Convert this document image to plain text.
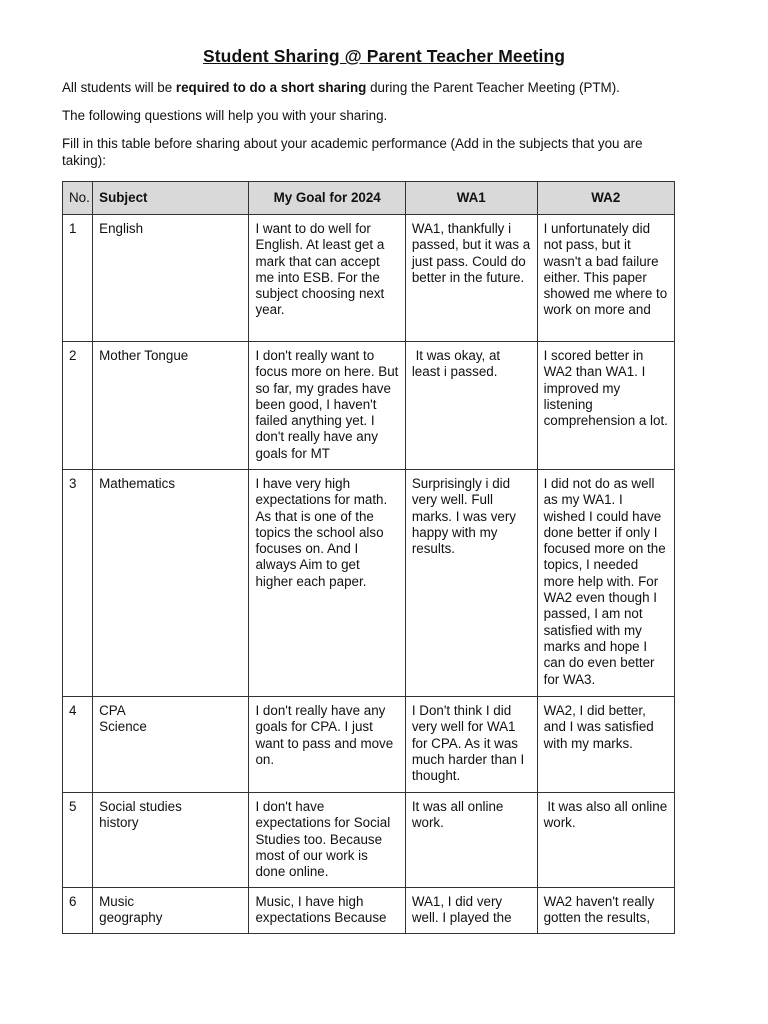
Student Sharing @ Parent Teacher Meeting

All students will be required to do a short sharing during the Parent Teacher Meeting (PTM).

The following questions will help you with your sharing.

Fill in this table before sharing about your academic performance (Add in the subjects that you are taking):

No.	Subject	My Goal for 2024	WA1	WA2
1	English	I want to do well for English. At least get a mark that can accept me into ESB. For the subject choosing next year.	WA1, thankfully i passed, but it was a just pass. Could do better in the future.	I unfortunately did not pass, but it wasn't a bad failure either. This paper showed me where to work on more and
2	Mother Tongue	I don't really want to focus more on here. But so far, my grades have been good, I haven't failed anything yet. I don't really have any goals for MT	It was okay, at least i passed.	I scored better in WA2 than WA1. I improved my listening comprehension a lot.
3	Mathematics	I have very high expectations for math. As that is one of the topics the school also focuses on. And I always Aim to get higher each paper.	Surprisingly i did very well. Full marks. I was very happy with my results.	I did not do as well as my WA1. I wished I could have done better if only I focused more on the topics, I needed more help with. For WA2 even though I passed, I am not satisfied with my marks and hope I can do even better for WA3.
4	CPA
Science	I don't really have any goals for CPA. I just want to pass and move on.	I Don't think I did very well for WA1 for CPA. As it was much harder than I thought.	WA2, I did better, and I was satisfied with my marks.
5	Social studies
history	I don't have expectations for Social Studies too. Because most of our work is done online.	It was all online work.	It was also all online work.
6	Music
geography	Music, I have high expectations Because	WA1, I did very well. I played the	WA2 haven't really gotten the results,
